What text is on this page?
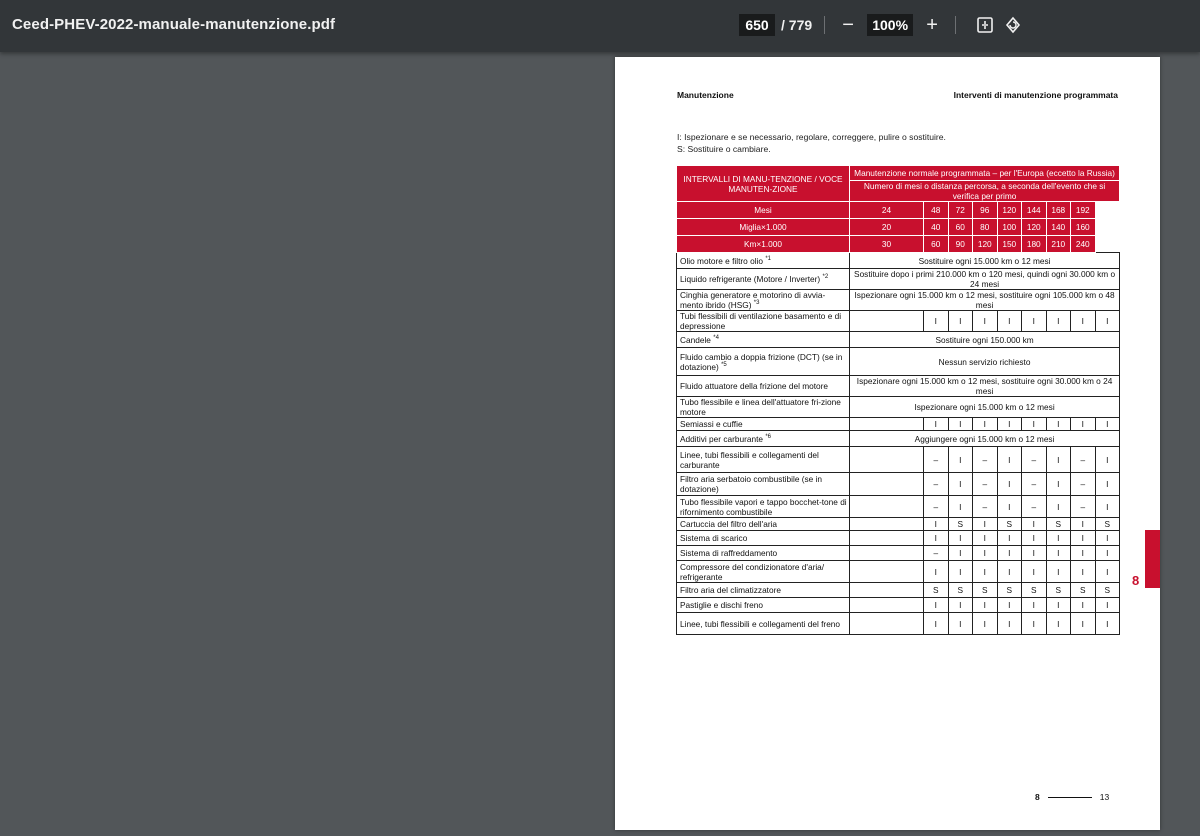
Ceed-PHEV-2022-manuale-manutenzione.pdf
650	/ 779 −
100%	+
Manutenzione	Interventi di manutenzione programmata
I: Ispezionare e se necessario, regolare, correggere, pulire o sostituire.
S: Sostituire o cambiare.
INTERVALLI DI MANU-TENZIONE / VOCE MANUTEN-ZIONE	Manutenzione normale programmata – per l'Europa (eccetto la Russia)								
	Numero di mesi o distanza percorsa, a seconda dell'evento che si verifica per primo								
Mesi	24	48	72	96	120	144	168	192	
Miglia×1.000	20	40	60	80	100	120	140	160	
Km×1.000	30	60	90	120	150	180	210	240	
Olio motore e filtro olio $^{*1}$	Sostituire ogni 15.000 km o 12 mesi								
Liquido refrigerante (Motore / Inverter) $^{*2}$	Sostituire dopo i primi 210.000 km o 120 mesi, quindi ogni 30.000 km o 24 mesi								
Cinghia generatore e motorino di avvia-mento ibrido (HSG) $^{*3}$	Ispezionare ogni 15.000 km o 12 mesi, sostituire ogni 105.000 km o 48 mesi								
Tubi flessibili di ventilazione basamento e di depressione		I	I	I	I	I	I	I	I
Candele $^{*4}$	Sostituire ogni 150.000 km								
Fluido cambio a doppia frizione (DCT) (se in dotazione) $^{*5}$	Nessun servizio richiesto								
Fluido attuatore della frizione del motore	Ispezionare ogni 15.000 km o 12 mesi, sostituire ogni 30.000 km o 24 mesi								
Tubo flessibile e linea dell'attuatore fri-zione motore	Ispezionare ogni 15.000 km o 12 mesi								
Semiassi e cuffie		I	I	I	I	I	I	I	I
Additivi per carburante $^{*6}$	Aggiungere ogni 15.000 km o 12 mesi								
Linee, tubi flessibili e collegamenti del carburante		–	I	–	I	–	I	–	I
Filtro aria serbatoio combustibile (se in dotazione)		–	I	–	I	–	I	–	I
Tubo flessibile vapori e tappo bocchet-tone di rifornimento combustibile		–	I	–	I	–	I	–	I
Cartuccia del filtro dell'aria		I	S	I	S	I	S	I	S
Sistema di scarico		I	I	I	I	I	I	I	I
Sistema di raffreddamento		–	I	I	I	I	I	I	I
Compressore del condizionatore d'aria/ refrigerante		I	I	I	I	I	I	I	I
Filtro aria del climatizzatore		S	S	S	S	S	S	S	S
Pastiglie e dischi freno		I	I	I	I	I	I	I	I
Linee, tubi flessibili e collegamenti del freno		I	I	I	I	I	I	I	I
8	13
8
